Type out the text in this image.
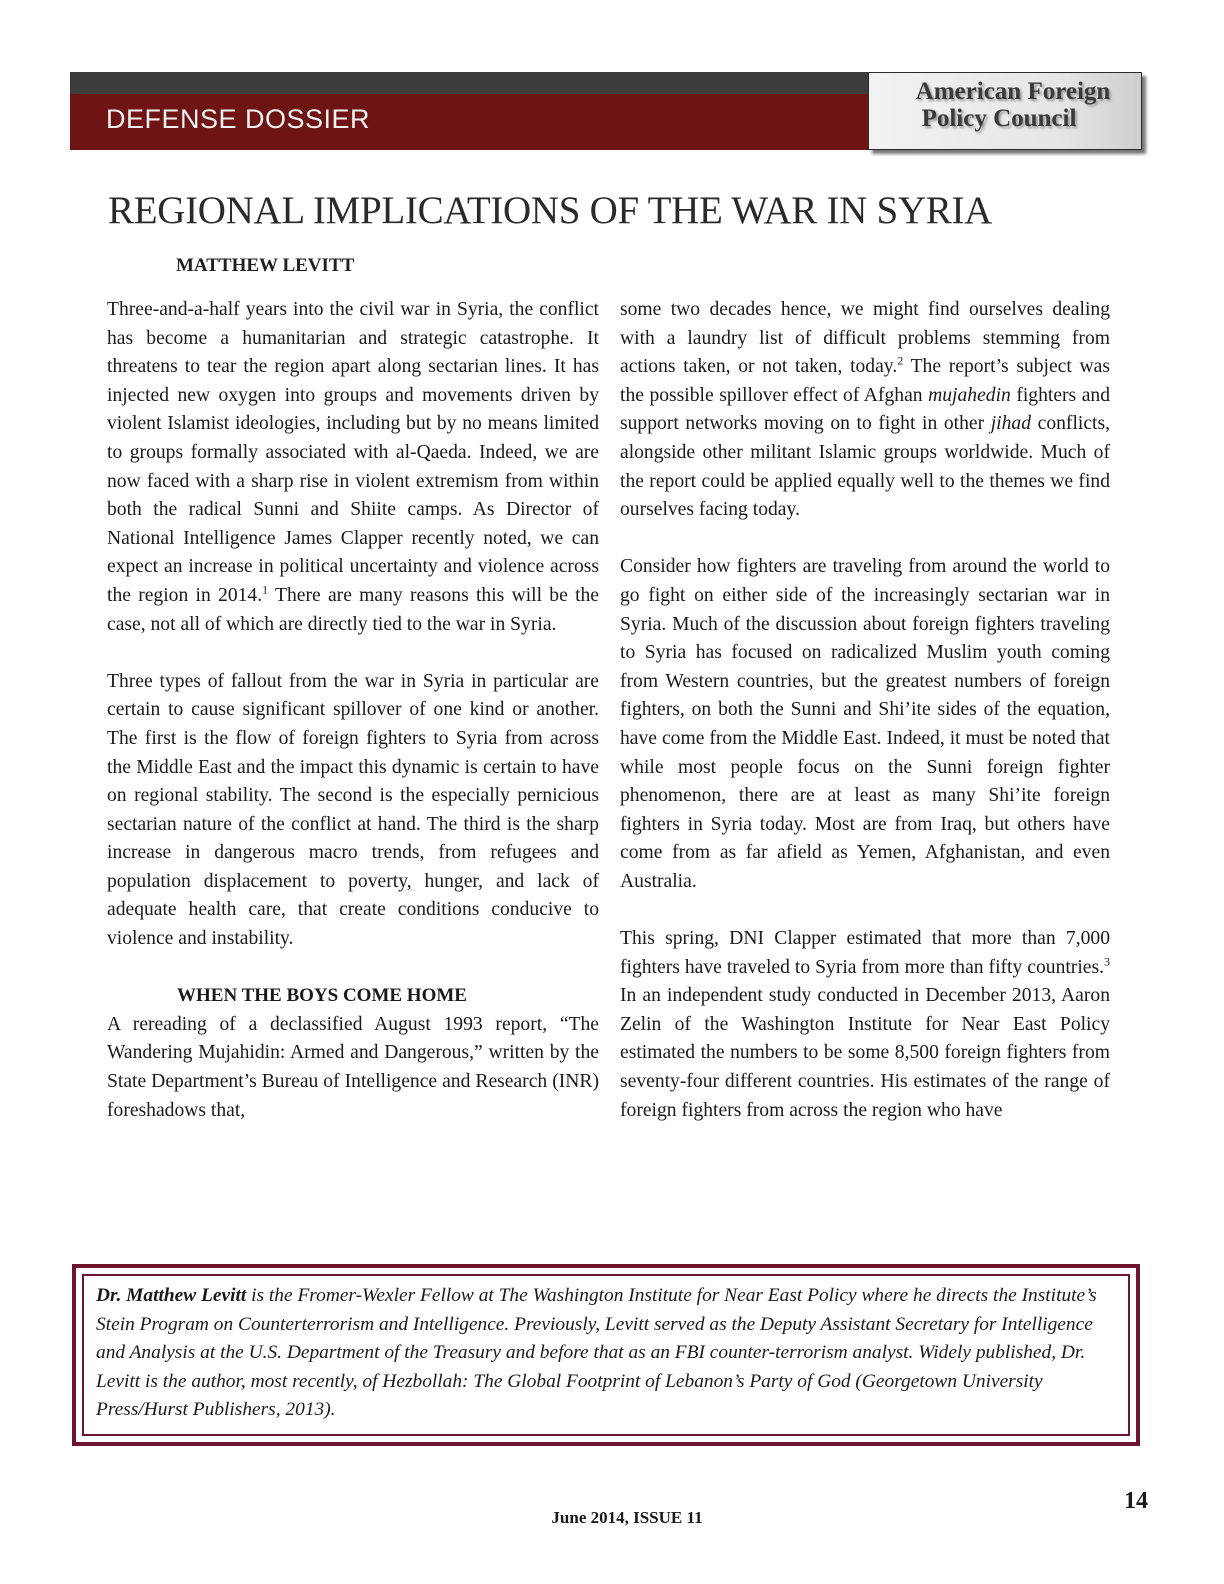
DEFENSE DOSSIER
American Foreign
Policy Council
REGIONAL IMPLICATIONS OF THE WAR IN SYRIA
MATTHEW LEVITT

Three-and-a-half years into the civil war in Syria, the conflict has become a humanitarian and strategic catastrophe. It threatens to tear the region apart along sectarian lines. It has injected new oxygen into groups and movements driven by violent Islamist ideologies, including but by no means limited to groups formally associated with al-Qaeda. Indeed, we are now faced with a sharp rise in violent extremism from within both the radical Sunni and Shiite camps. As Director of National Intelligence James Clapper recently noted, we can expect an increase in political uncertainty and violence across the region in 2014.$^1$ There are many reasons this will be the case, not all of which are directly tied to the war in Syria.

Three types of fallout from the war in Syria in particular are certain to cause significant spillover of one kind or another. The first is the flow of foreign fighters to Syria from across the Middle East and the impact this dynamic is certain to have on regional stability. The second is the especially pernicious sectarian nature of the conflict at hand. The third is the sharp increase in dangerous macro trends, from refugees and population displacement to poverty, hunger, and lack of adequate health care, that create conditions conducive to violence and instability.

WHEN THE BOYS COME HOME

A rereading of a declassified August 1993 report, “The Wandering Mujahidin: Armed and Dangerous,” written by the State Department’s Bureau of Intelligence and Research (INR) foreshadows that,

some two decades hence, we might find ourselves dealing with a laundry list of difficult problems stemming from actions taken, or not taken, today.$^2$ The report’s subject was the possible spillover effect of Afghan mujahedin fighters and support networks moving on to fight in other jihad conflicts, alongside other militant Islamic groups worldwide. Much of the report could be applied equally well to the themes we find ourselves facing today.

Consider how fighters are traveling from around the world to go fight on either side of the increasingly sectarian war in Syria. Much of the discussion about foreign fighters traveling to Syria has focused on radicalized Muslim youth coming from Western countries, but the greatest numbers of foreign fighters, on both the Sunni and Shi’ite sides of the equation, have come from the Middle East. Indeed, it must be noted that while most people focus on the Sunni foreign fighter phenomenon, there are at least as many Shi’ite foreign fighters in Syria today. Most are from Iraq, but others have come from as far afield as Yemen, Afghanistan, and even Australia.

This spring, DNI Clapper estimated that more than 7,000 fighters have traveled to Syria from more than fifty countries.$^3$ In an independent study conducted in December 2013, Aaron Zelin of the Washington Institute for Near East Policy estimated the numbers to be some 8,500 foreign fighters from seventy-four different countries. His estimates of the range of foreign fighters from across the region who have

Dr. Matthew Levitt is the Fromer-Wexler Fellow at The Washington Institute for Near East Policy where he directs the Institute’s Stein Program on Counterterrorism and Intelligence. Previously, Levitt served as the Deputy Assistant Secretary for Intelligence and Analysis at the U.S. Department of the Treasury and before that as an FBI counter-terrorism analyst. Widely published, Dr. Levitt is the author, most recently, of Hezbollah: The Global Footprint of Lebanon’s Party of God (Georgetown University Press/Hurst Publishers, 2013).
June 2014, ISSUE 11
14
